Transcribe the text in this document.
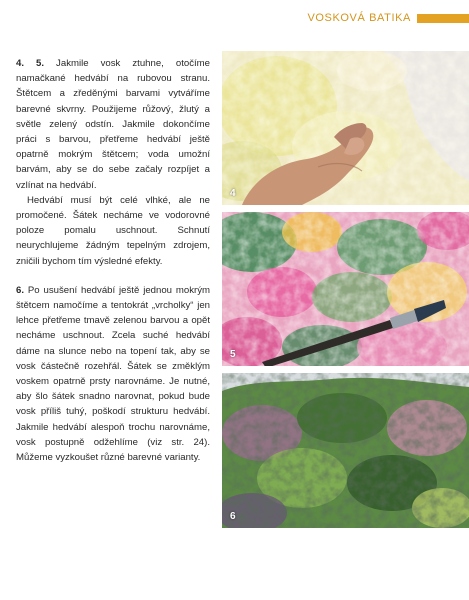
VOSKOVÁ BATIKA

4. 5. Jakmile vosk ztuhne, otočíme namačkané hedvábí na rubovou stranu. Štětcem a zředěnými barvami vytváříme barevné skvrny. Použijeme růžový, žlutý a světle zelený odstín. Jakmile dokončíme práci s barvou, přetřeme hedvábí ještě opatrně mokrým štětcem; voda umožní barvám, aby se do sebe začaly rozpíjet a vzlínat na hedvábí.

Hedvábí musí být celé vlhké, ale ne promočené. Šátek necháme ve vodorovné poloze pomalu uschnout. Schnutí neurychlujeme žádným tepelným zdrojem, zničili bychom tím výsledné efekty.

6. Po usušení hedvábí ještě jednou mokrým štětcem namočíme a tentokrát „vrcholky“ jen lehce přetřeme tmavě zelenou barvou a opět necháme uschnout. Zcela suché hedvábí dáme na slunce nebo na topení tak, aby se vosk částečně rozehřál. Šátek se změklým voskem opatrně prsty narovnáme. Je nutné, aby šlo šátek snadno narovnat, pokud bude vosk příliš tuhý, poškodí strukturu hedvábí. Jakmile hedvábí alespoň trochu narovnáme, vosk postupně odžehlíme (viz str. 24). Můžeme vyzkoušet různé barevné varianty.

4
5
6
